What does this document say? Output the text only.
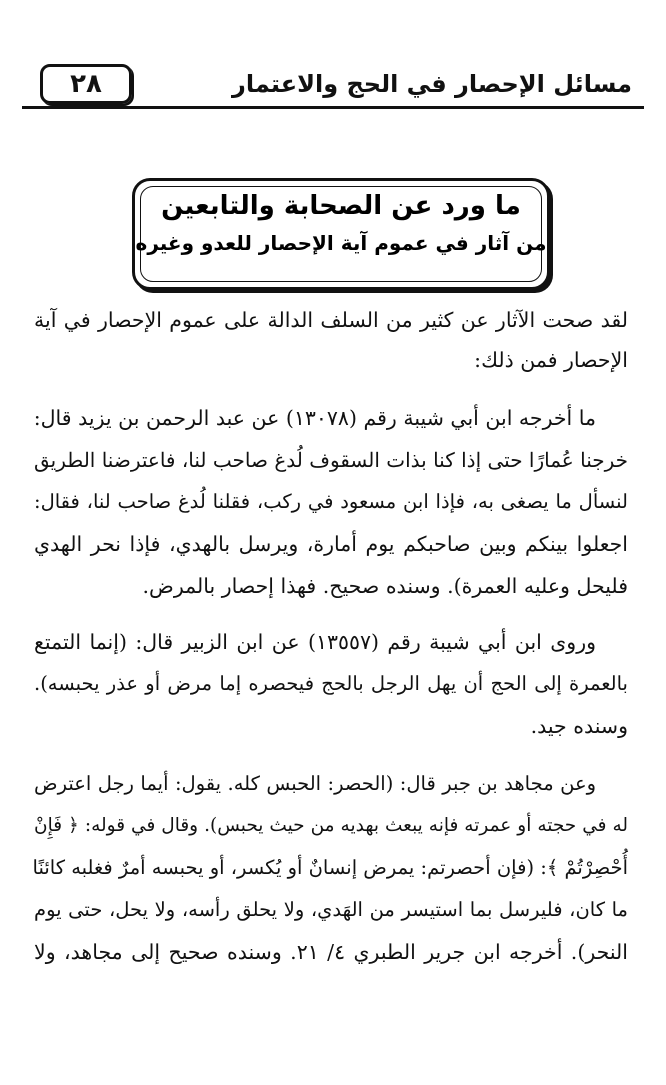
٢٨	مسائل الإحصار في الحج والاعتمار
ما ورد عن الصحابة والتابعين
من آثار في عموم آية الإحصار للعدو وغيره
لقد صحت الآثار عن كثير من السلف الدالة على عموم الإحصار في آية
الإحصار فمن ذلك:
ما أخرجه ابن أبي شيبة رقم (١٣٠٧٨) عن عبد الرحمن بن يزيد قال:
خرجنا عُمارًا حتى إذا كنا بذات السقوف لُدغ صاحب لنا، فاعترضنا الطريق
لنسأل ما يصغى به، فإذا ابن مسعود في ركب، فقلنا لُدغ صاحب لنا، فقال:
اجعلوا بينكم وبين صاحبكم يوم أمارة، ويرسل بالهدي، فإذا نحر الهدي
فليحل وعليه العمرة). وسنده صحيح. فهذا إحصار بالمرض.
وروى ابن أبي شيبة رقم (١٣٥٥٧) عن ابن الزبير قال: (إنما التمتع
بالعمرة إلى الحج أن يهل الرجل بالحج فيحصره إما مرض أو عذر يحبسه).
وسنده جيد.
وعن مجاهد بن جبر قال: (الحصر: الحبس كله. يقول: أيما رجل اعترض
له في حجته أو عمرته فإنه يبعث بهديه من حيث يحبس). وقال في قوله: ﴿ فَإِنْ
أُحْصِرْتُمْ ﴾: (فإن أحصرتم: يمرض إنسانٌ أو يُكسر، أو يحبسه أمرٌ فغلبه كائنًا
ما كان، فليرسل بما استيسر من الهَدي، ولا يحلق رأسه، ولا يحل، حتى يوم
النحر). أخرجه ابن جرير الطبري ٤/ ٢١. وسنده صحيح إلى مجاهد، ولا
